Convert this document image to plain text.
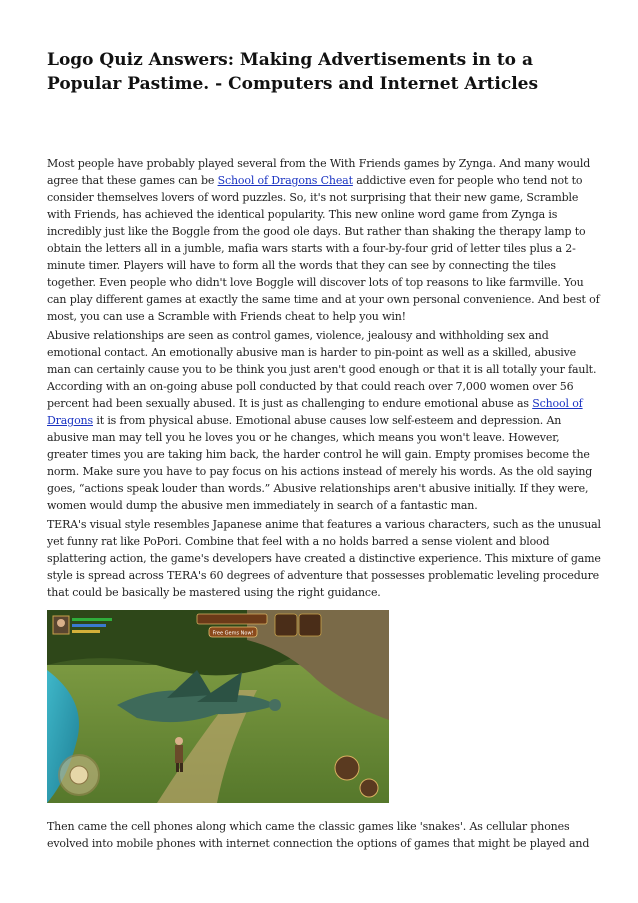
Logo Quiz Answers: Making Advertisements in to a Popular Pastime. - Computers and Internet Articles

Most people have probably played several from the With Friends games by Zynga. And many would agree that these games can be School of Dragons Cheat addictive even for people who tend not to consider themselves lovers of word puzzles. So, it's not surprising that their new game, Scramble with Friends, has achieved the identical popularity. This new online word game from Zynga is incredibly just like the Boggle from the good ole days. But rather than shaking the therapy lamp to obtain the letters all in a jumble, mafia wars starts with a four-by-four grid of letter tiles plus a 2-minute timer. Players will have to form all the words that they can see by connecting the tiles together. Even people who didn't love Boggle will discover lots of top reasons to like farmville. You can play different games at exactly the same time and at your own personal convenience. And best of most, you can use a Scramble with Friends cheat to help you win!

Abusive relationships are seen as control games, violence, jealousy and withholding sex and emotional contact. An emotionally abusive man is harder to pin-point as well as a skilled, abusive man can certainly cause you to be think you just aren't good enough or that it is all totally your fault. According with an on-going abuse poll conducted by that could reach over 7,000 women over 56 percent had been sexually abused. It is just as challenging to endure emotional abuse as School of Dragons it is from physical abuse. Emotional abuse causes low self-esteem and depression. An abusive man may tell you he loves you or he changes, which means you won't leave. However, greater times you are taking him back, the harder control he will gain. Empty promises become the norm. Make sure you have to pay focus on his actions instead of merely his words. As the old saying goes, “actions speak louder than words.” Abusive relationships aren't abusive initially. If they were, women would dump the abusive men immediately in search of a fantastic man.

TERA's visual style resembles Japanese anime that features a various characters, such as the unusual yet funny rat like PoPori. Combine that feel with a no holds barred a sense violent and blood splattering action, the game's developers have created a distinctive experience. This mixture of game style is spread across TERA's 60 degrees of adventure that possesses problematic leveling procedure that could be basically be mastered using the right guidance.

Free Gems Now!

Then came the cell phones along which came the classic games like 'snakes'. As cellular phones evolved into mobile phones with internet connection the options of games that might be played and
